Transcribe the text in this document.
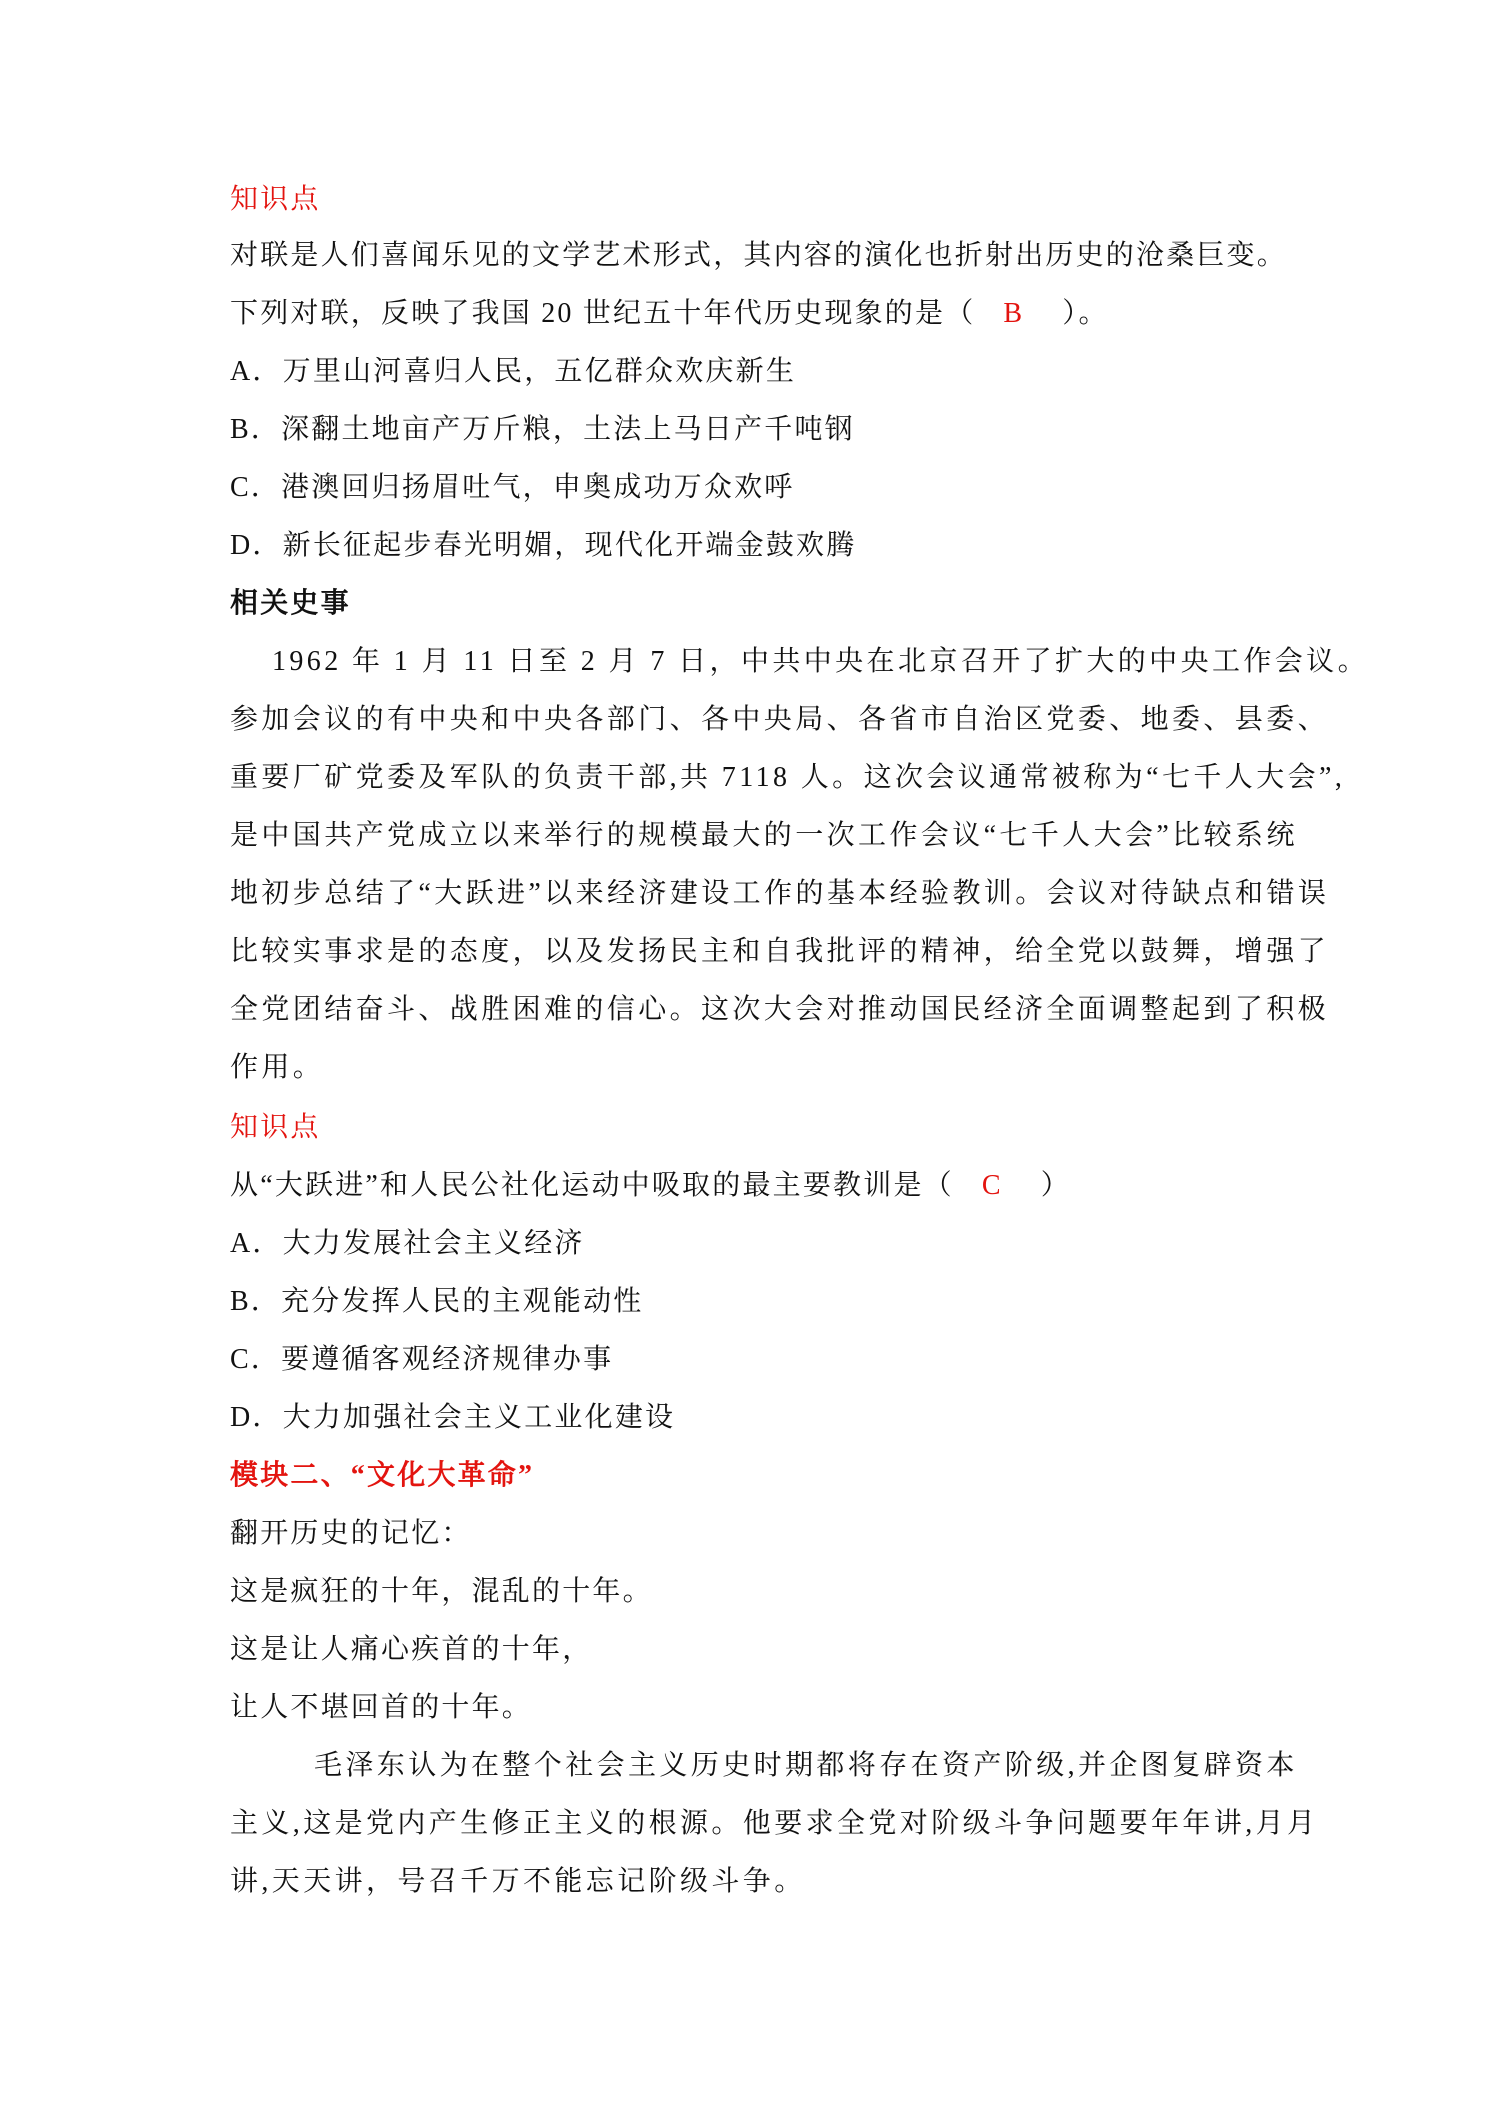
知识点
对联是人们喜闻乐见的文学艺术形式，其内容的演化也折射出历史的沧桑巨变。
下列对联，反映了我国 20 世纪五十年代历史现象的是（ B ）。
A．万里山河喜归人民，五亿群众欢庆新生
B．深翻土地亩产万斤粮，土法上马日产千吨钢
C．港澳回归扬眉吐气，申奥成功万众欢呼
D．新长征起步春光明媚，现代化开端金鼓欢腾
相关史事
1962 年 1 月 11 日至 2 月 7 日，中共中央在北京召开了扩大的中央工作会议。
参加会议的有中央和中央各部门、各中央局、各省市自治区党委、地委、县委、
重要厂矿党委及军队的负责干部,共 7118 人。这次会议通常被称为“七千人大会”,
是中国共产党成立以来举行的规模最大的一次工作会议“七千人大会”比较系统
地初步总结了“大跃进”以来经济建设工作的基本经验教训。会议对待缺点和错误
比较实事求是的态度，以及发扬民主和自我批评的精神，给全党以鼓舞，增强了
全党团结奋斗、战胜困难的信心。这次大会对推动国民经济全面调整起到了积极
作用。
知识点
从“大跃进”和人民公社化运动中吸取的最主要教训是（ C ）
A．大力发展社会主义经济
B．充分发挥人民的主观能动性
C．要遵循客观经济规律办事
D．大力加强社会主义工业化建设
模块二、“文化大革命”
翻开历史的记忆：
这是疯狂的十年，混乱的十年。
这是让人痛心疾首的十年，
让人不堪回首的十年。
毛泽东认为在整个社会主义历史时期都将存在资产阶级,并企图复辟资本
主义,这是党内产生修正主义的根源。他要求全党对阶级斗争问题要年年讲,月月
讲,天天讲，号召千万不能忘记阶级斗争。
